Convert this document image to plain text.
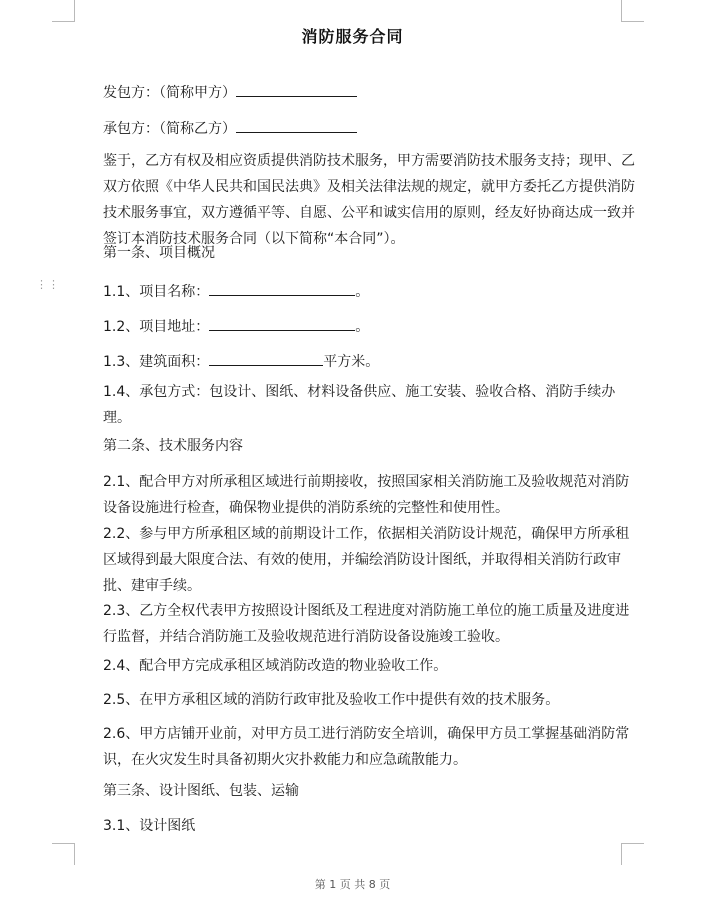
消防服务合同
发包方：（简称甲方）
承包方：（简称乙方）
鉴于，乙方有权及相应资质提供消防技术服务，甲方需要消防技术服务支持；现甲、乙双方依照《中华人民共和国民法典》及相关法律法规的规定，就甲方委托乙方提供消防技术服务事宜，双方遵循平等、自愿、公平和诚实信用的原则，经友好协商达成一致并签订本消防技术服务合同（以下简称“本合同”）。
第一条、项目概况
⋮⋮	1.1、项目名称：	。
1.2、项目地址：	。
1.3、建筑面积：	平方米。
1.4、承包方式：包设计、图纸、材料设备供应、施工安装、验收合格、消防手续办理。
第二条、技术服务内容
2.1、配合甲方对所承租区域进行前期接收，按照国家相关消防施工及验收规范对消防设备设施进行检查，确保物业提供的消防系统的完整性和使用性。
2.2、参与甲方所承租区域的前期设计工作，依据相关消防设计规范，确保甲方所承租区域得到最大限度合法、有效的使用，并编绘消防设计图纸，并取得相关消防行政审批、建审手续。
2.3、乙方全权代表甲方按照设计图纸及工程进度对消防施工单位的施工质量及进度进行监督，并结合消防施工及验收规范进行消防设备设施竣工验收。
2.4、配合甲方完成承租区域消防改造的物业验收工作。
2.5、在甲方承租区域的消防行政审批及验收工作中提供有效的技术服务。
2.6、甲方店铺开业前，对甲方员工进行消防安全培训，确保甲方员工掌握基础消防常识，在火灾发生时具备初期火灾扑救能力和应急疏散能力。
第三条、设计图纸、包装、运输
3.1、设计图纸
第 1 页 共 8 页
